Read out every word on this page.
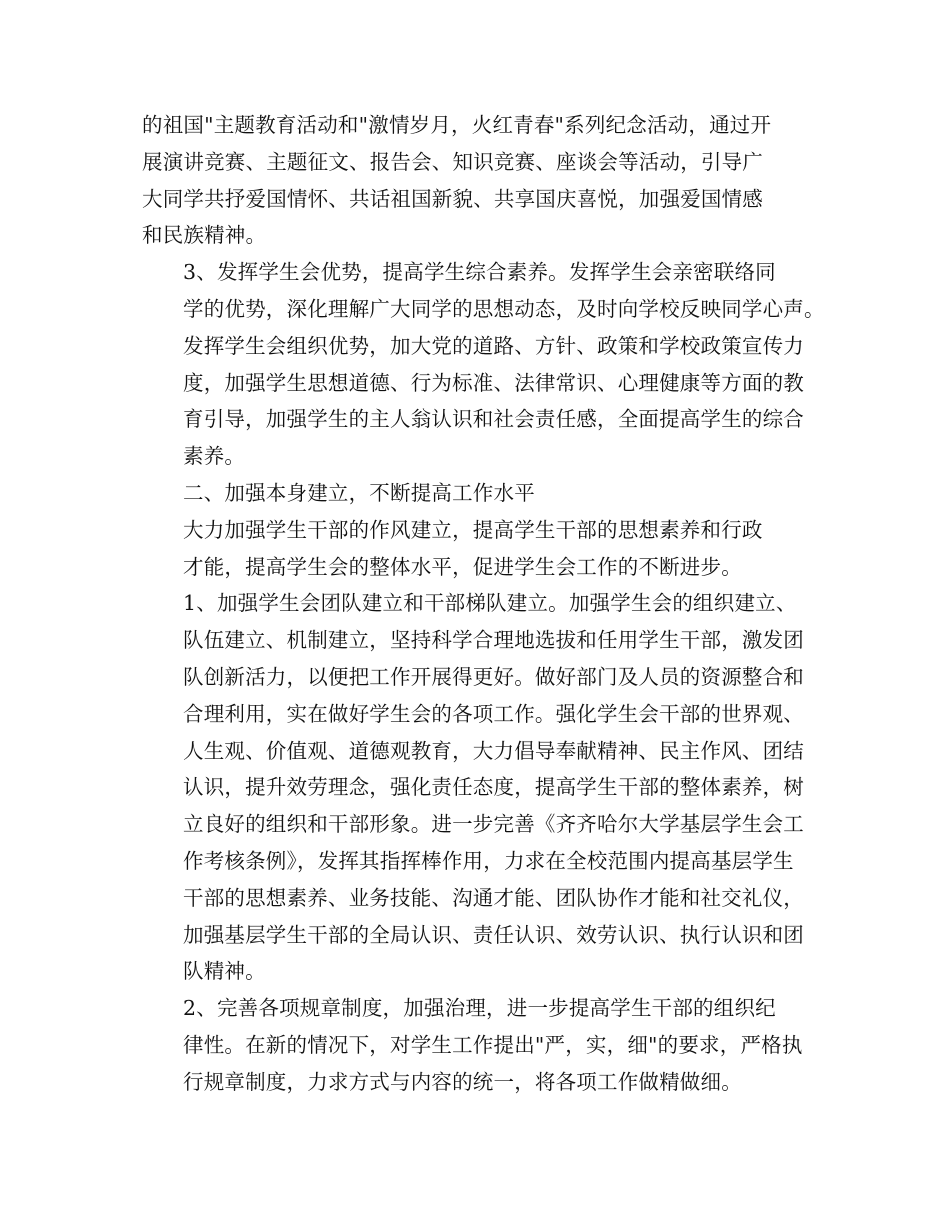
的祖国"主题教育活动和"激情岁月，火红青春"系列纪念活动，通过开
展演讲竞赛、主题征文、报告会、知识竞赛、座谈会等活动，引导广
大同学共抒爱国情怀、共话祖国新貌、共享国庆喜悦，加强爱国情感
和民族精神。

3、发挥学生会优势，提高学生综合素养。发挥学生会亲密联络同
学的优势，深化理解广大同学的思想动态，及时向学校反映同学心声。
发挥学生会组织优势，加大党的道路、方针、政策和学校政策宣传力
度，加强学生思想道德、行为标准、法律常识、心理健康等方面的教
育引导，加强学生的主人翁认识和社会责任感，全面提高学生的综合
素养。

二、加强本身建立，不断提高工作水平

大力加强学生干部的作风建立，提高学生干部的思想素养和行政
才能，提高学生会的整体水平，促进学生会工作的不断进步。

1、加强学生会团队建立和干部梯队建立。加强学生会的组织建立、
队伍建立、机制建立，坚持科学合理地选拔和任用学生干部，激发团
队创新活力，以便把工作开展得更好。做好部门及人员的资源整合和
合理利用，实在做好学生会的各项工作。强化学生会干部的世界观、
人生观、价值观、道德观教育，大力倡导奉献精神、民主作风、团结
认识，提升效劳理念，强化责任态度，提高学生干部的整体素养，树
立良好的组织和干部形象。进一步完善《齐齐哈尔大学基层学生会工
作考核条例》，发挥其指挥棒作用，力求在全校范围内提高基层学生
干部的思想素养、业务技能、沟通才能、团队协作才能和社交礼仪，
加强基层学生干部的全局认识、责任认识、效劳认识、执行认识和团
队精神。

2、完善各项规章制度，加强治理，进一步提高学生干部的组织纪
律性。在新的情况下，对学生工作提出"严，实，细"的要求，严格执
行规章制度，力求方式与内容的统一，将各项工作做精做细。
